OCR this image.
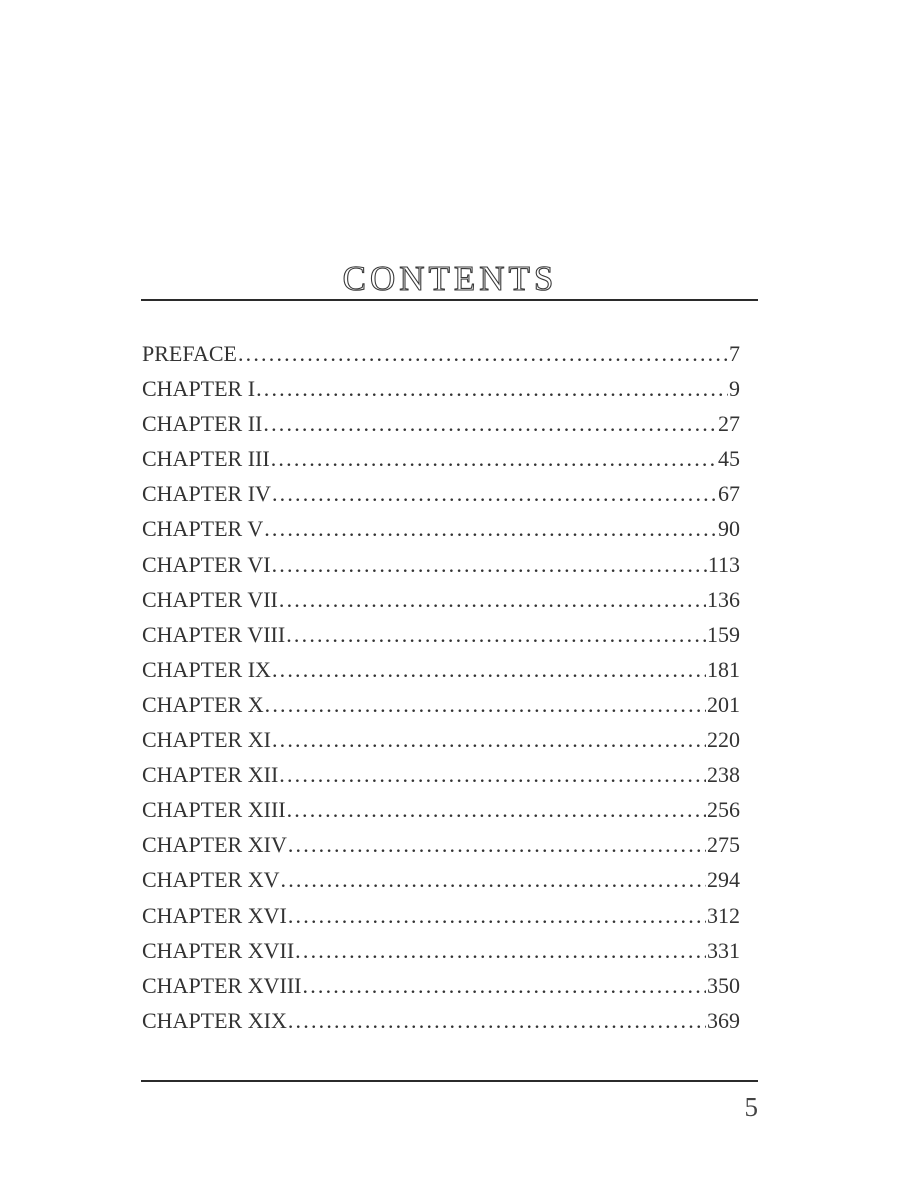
CONTENTS
PREFACE .....	7
CHAPTER I .....	9
CHAPTER II .....	27
CHAPTER III .....	45
CHAPTER IV .....	67
CHAPTER V .....	90
CHAPTER VI .....	113
CHAPTER VII .....	136
CHAPTER VIII .....	159
CHAPTER IX .....	181
CHAPTER X .....	201
CHAPTER XI .....	220
CHAPTER XII .....	238
CHAPTER XIII .....	256
CHAPTER XIV .....	275
CHAPTER XV .....	294
CHAPTER XVI .....	312
CHAPTER XVII .....	331
CHAPTER XVIII .....	350
CHAPTER XIX .....	369
5
